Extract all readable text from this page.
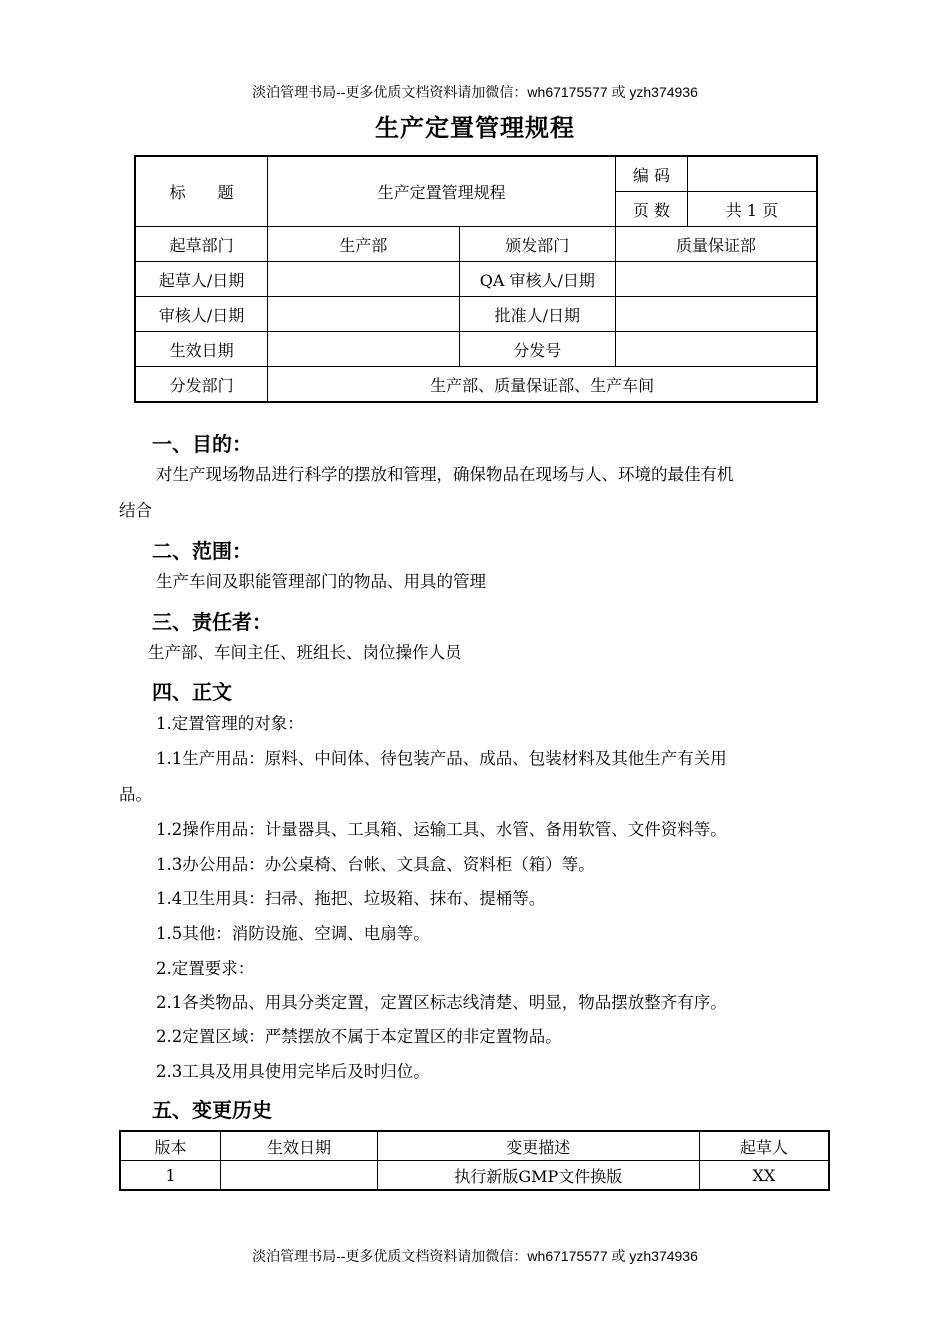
淡泊管理书局--更多优质文档资料请加微信：wh67175577 或 yzh374936
生产定置管理规程
标　　题	生产定置管理规程		编 码	
			页 数	共 1 页
起草部门	生产部	颁发部门	质量保证部	
起草人/日期		QA 审核人/日期		
审核人/日期		批准人/日期		
生效日期		分发号		
分发部门	生产部、质量保证部、生产车间			
一、目的：
对生产现场物品进行科学的摆放和管理，确保物品在现场与人、环境的最佳有机
结合
二、范围：
生产车间及职能管理部门的物品、用具的管理
三、责任者：
生产部、车间主任、班组长、岗位操作人员
四、正文
1.定置管理的对象：
1.1生产用品：原料、中间体、待包装产品、成品、包装材料及其他生产有关用
品。
1.2操作用品：计量器具、工具箱、运输工具、水管、备用软管、文件资料等。
1.3办公用品：办公桌椅、台帐、文具盒、资料柜（箱）等。
1.4卫生用具：扫帚、拖把、垃圾箱、抹布、提桶等。
1.5其他：消防设施、空调、电扇等。
2.定置要求：
2.1各类物品、用具分类定置，定置区标志线清楚、明显，物品摆放整齐有序。
2.2定置区域：严禁摆放不属于本定置区的非定置物品。
2.3工具及用具使用完毕后及时归位。
五、变更历史
版本	生效日期	变更描述	起草人
1		执行新版GMP文件换版	XX
淡泊管理书局--更多优质文档资料请加微信：wh67175577 或 yzh374936
